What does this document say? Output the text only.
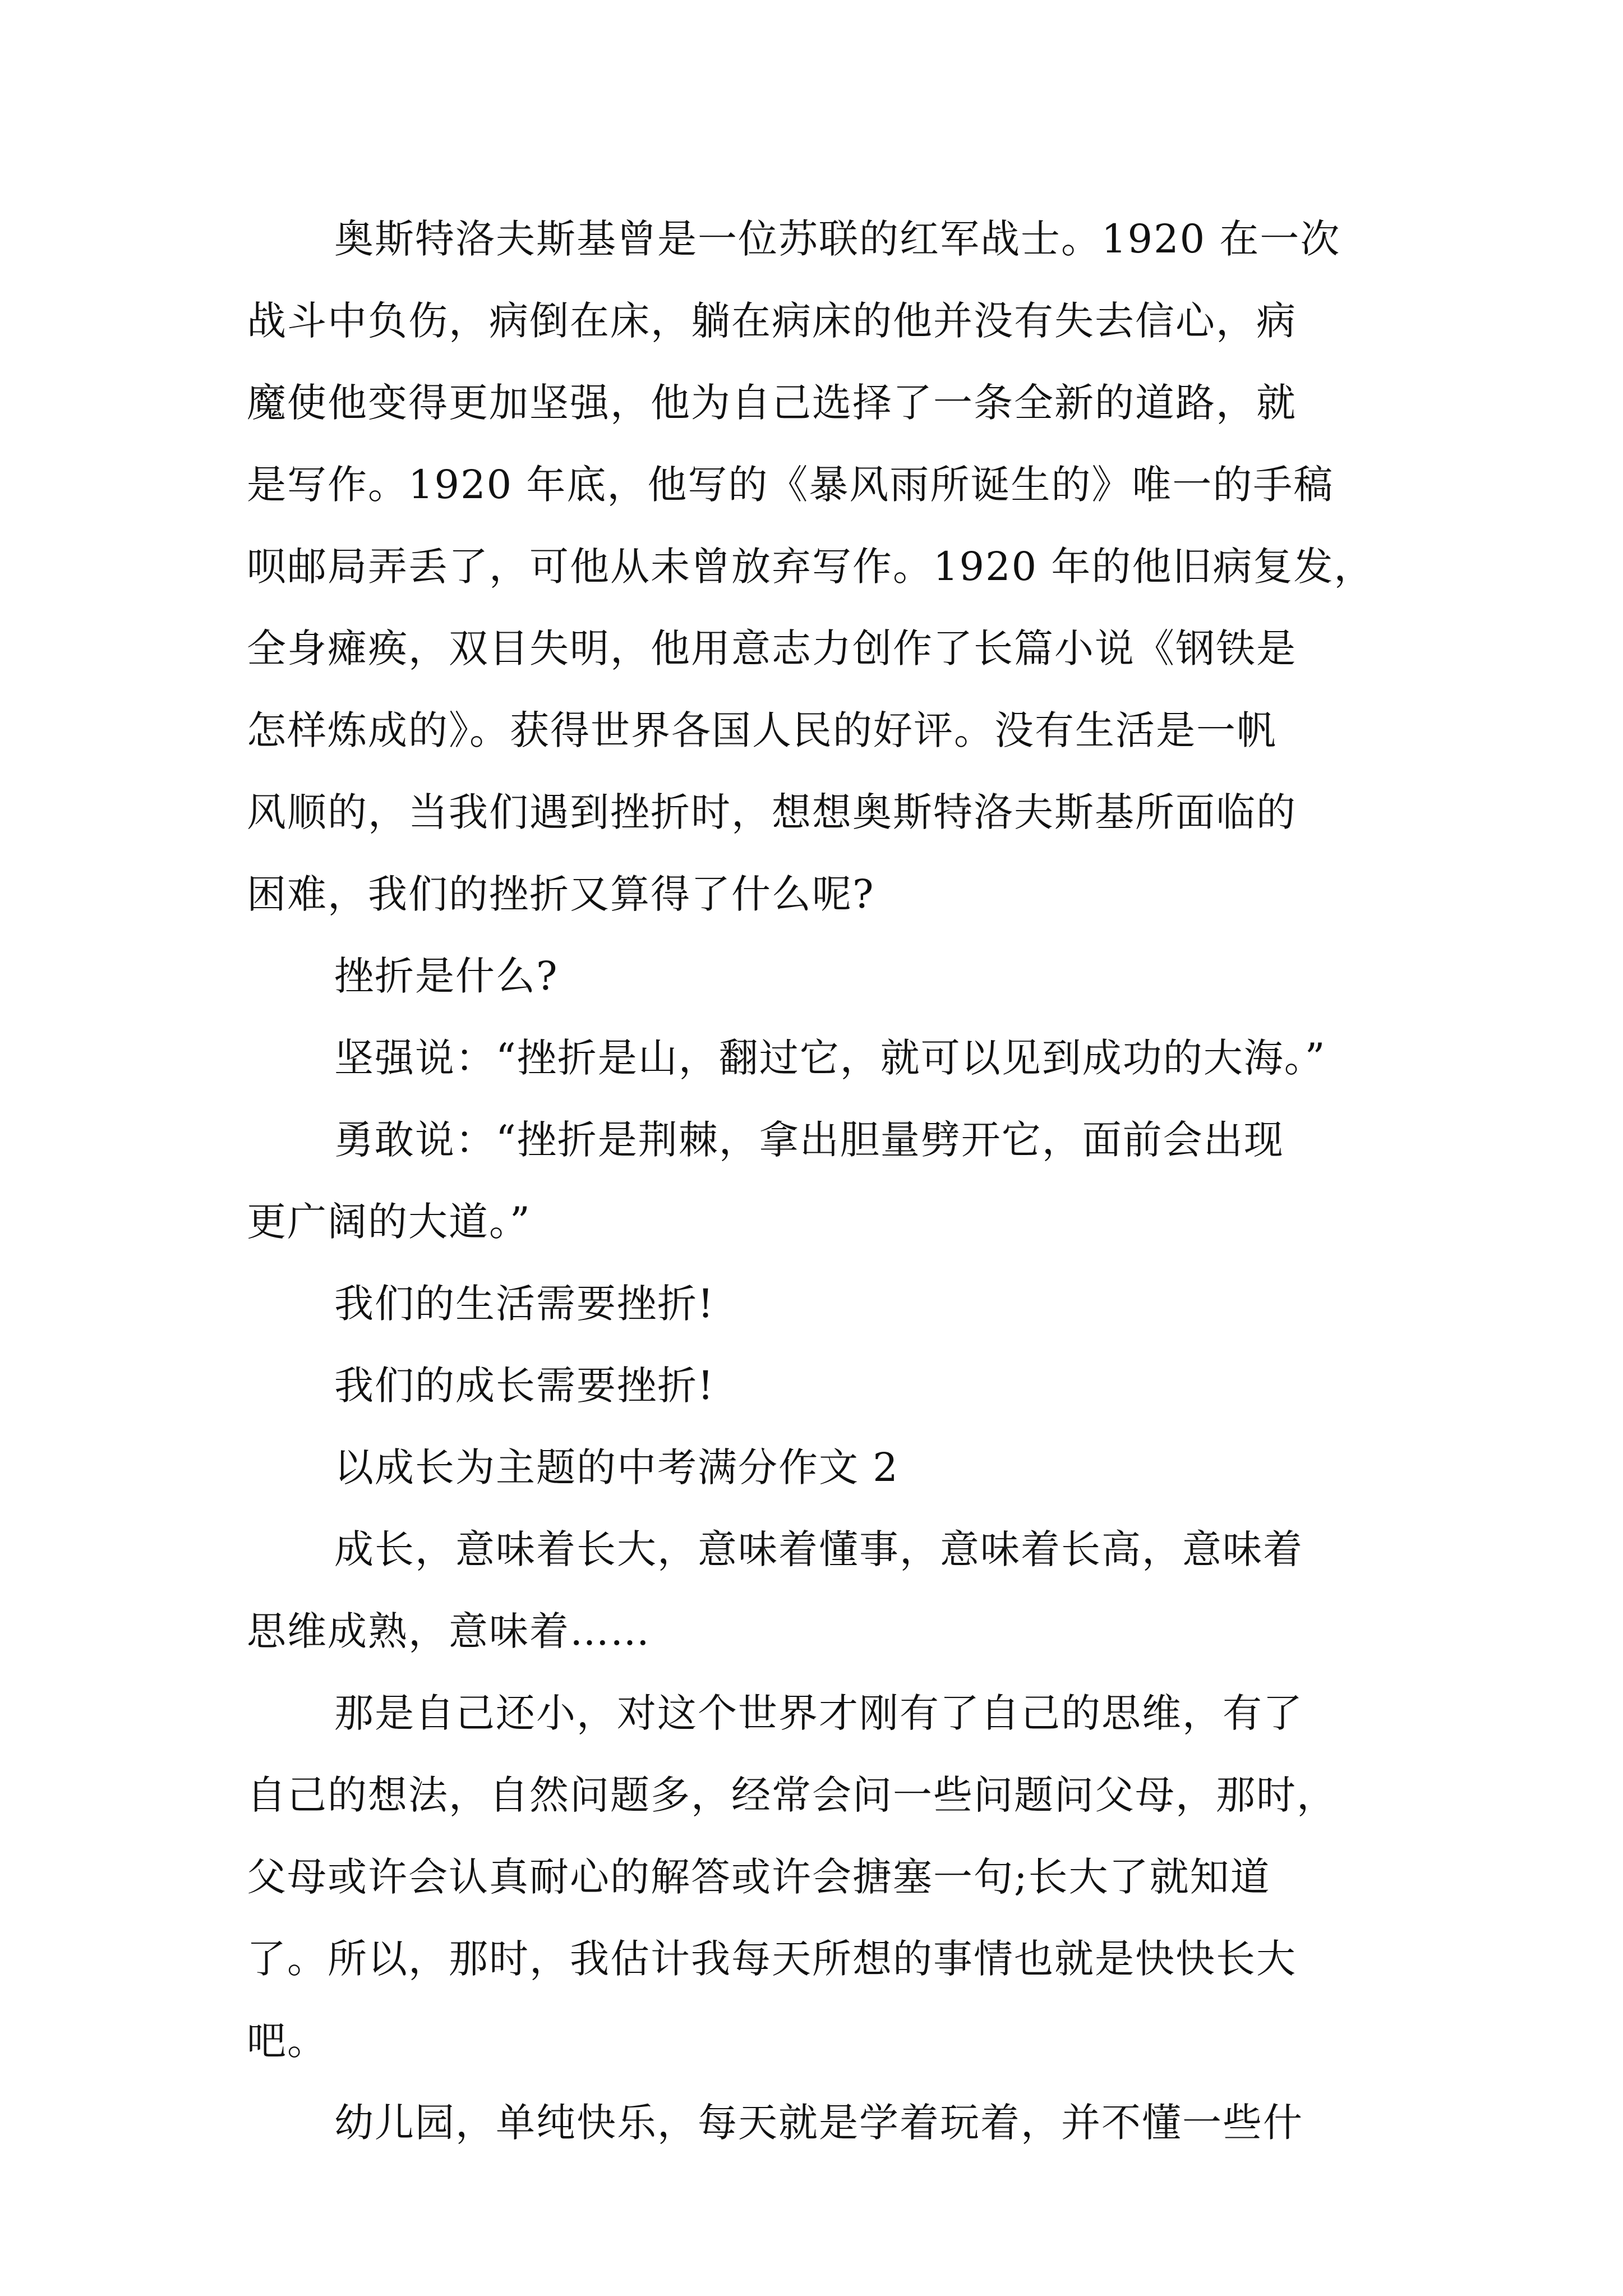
奥斯特洛夫斯基曾是一位苏联的红军战士。1920 在一次
战斗中负伤，病倒在床，躺在病床的他并没有失去信心，病
魔使他变得更加坚强，他为自己选择了一条全新的道路，就
是写作。1920 年底，他写的《暴风雨所诞生的》唯一的手稿
呗邮局弄丢了，可他从未曾放弃写作。1920 年的他旧病复发，
全身瘫痪，双目失明，他用意志力创作了长篇小说《钢铁是
怎样炼成的》。获得世界各国人民的好评。没有生活是一帆
风顺的，当我们遇到挫折时，想想奥斯特洛夫斯基所面临的
困难，我们的挫折又算得了什么呢?
挫折是什么?
坚强说：“挫折是山，翻过它，就可以见到成功的大海。”
勇敢说：“挫折是荆棘，拿出胆量劈开它，面前会出现
更广阔的大道。”
我们的生活需要挫折!
我们的成长需要挫折!
以成长为主题的中考满分作文 2
成长，意味着长大，意味着懂事，意味着长高，意味着
思维成熟，意味着……
那是自己还小，对这个世界才刚有了自己的思维，有了
自己的想法，自然问题多，经常会问一些问题问父母，那时，
父母或许会认真耐心的解答或许会搪塞一句;长大了就知道
了。所以，那时，我估计我每天所想的事情也就是快快长大
吧。
幼儿园，单纯快乐，每天就是学着玩着，并不懂一些什
